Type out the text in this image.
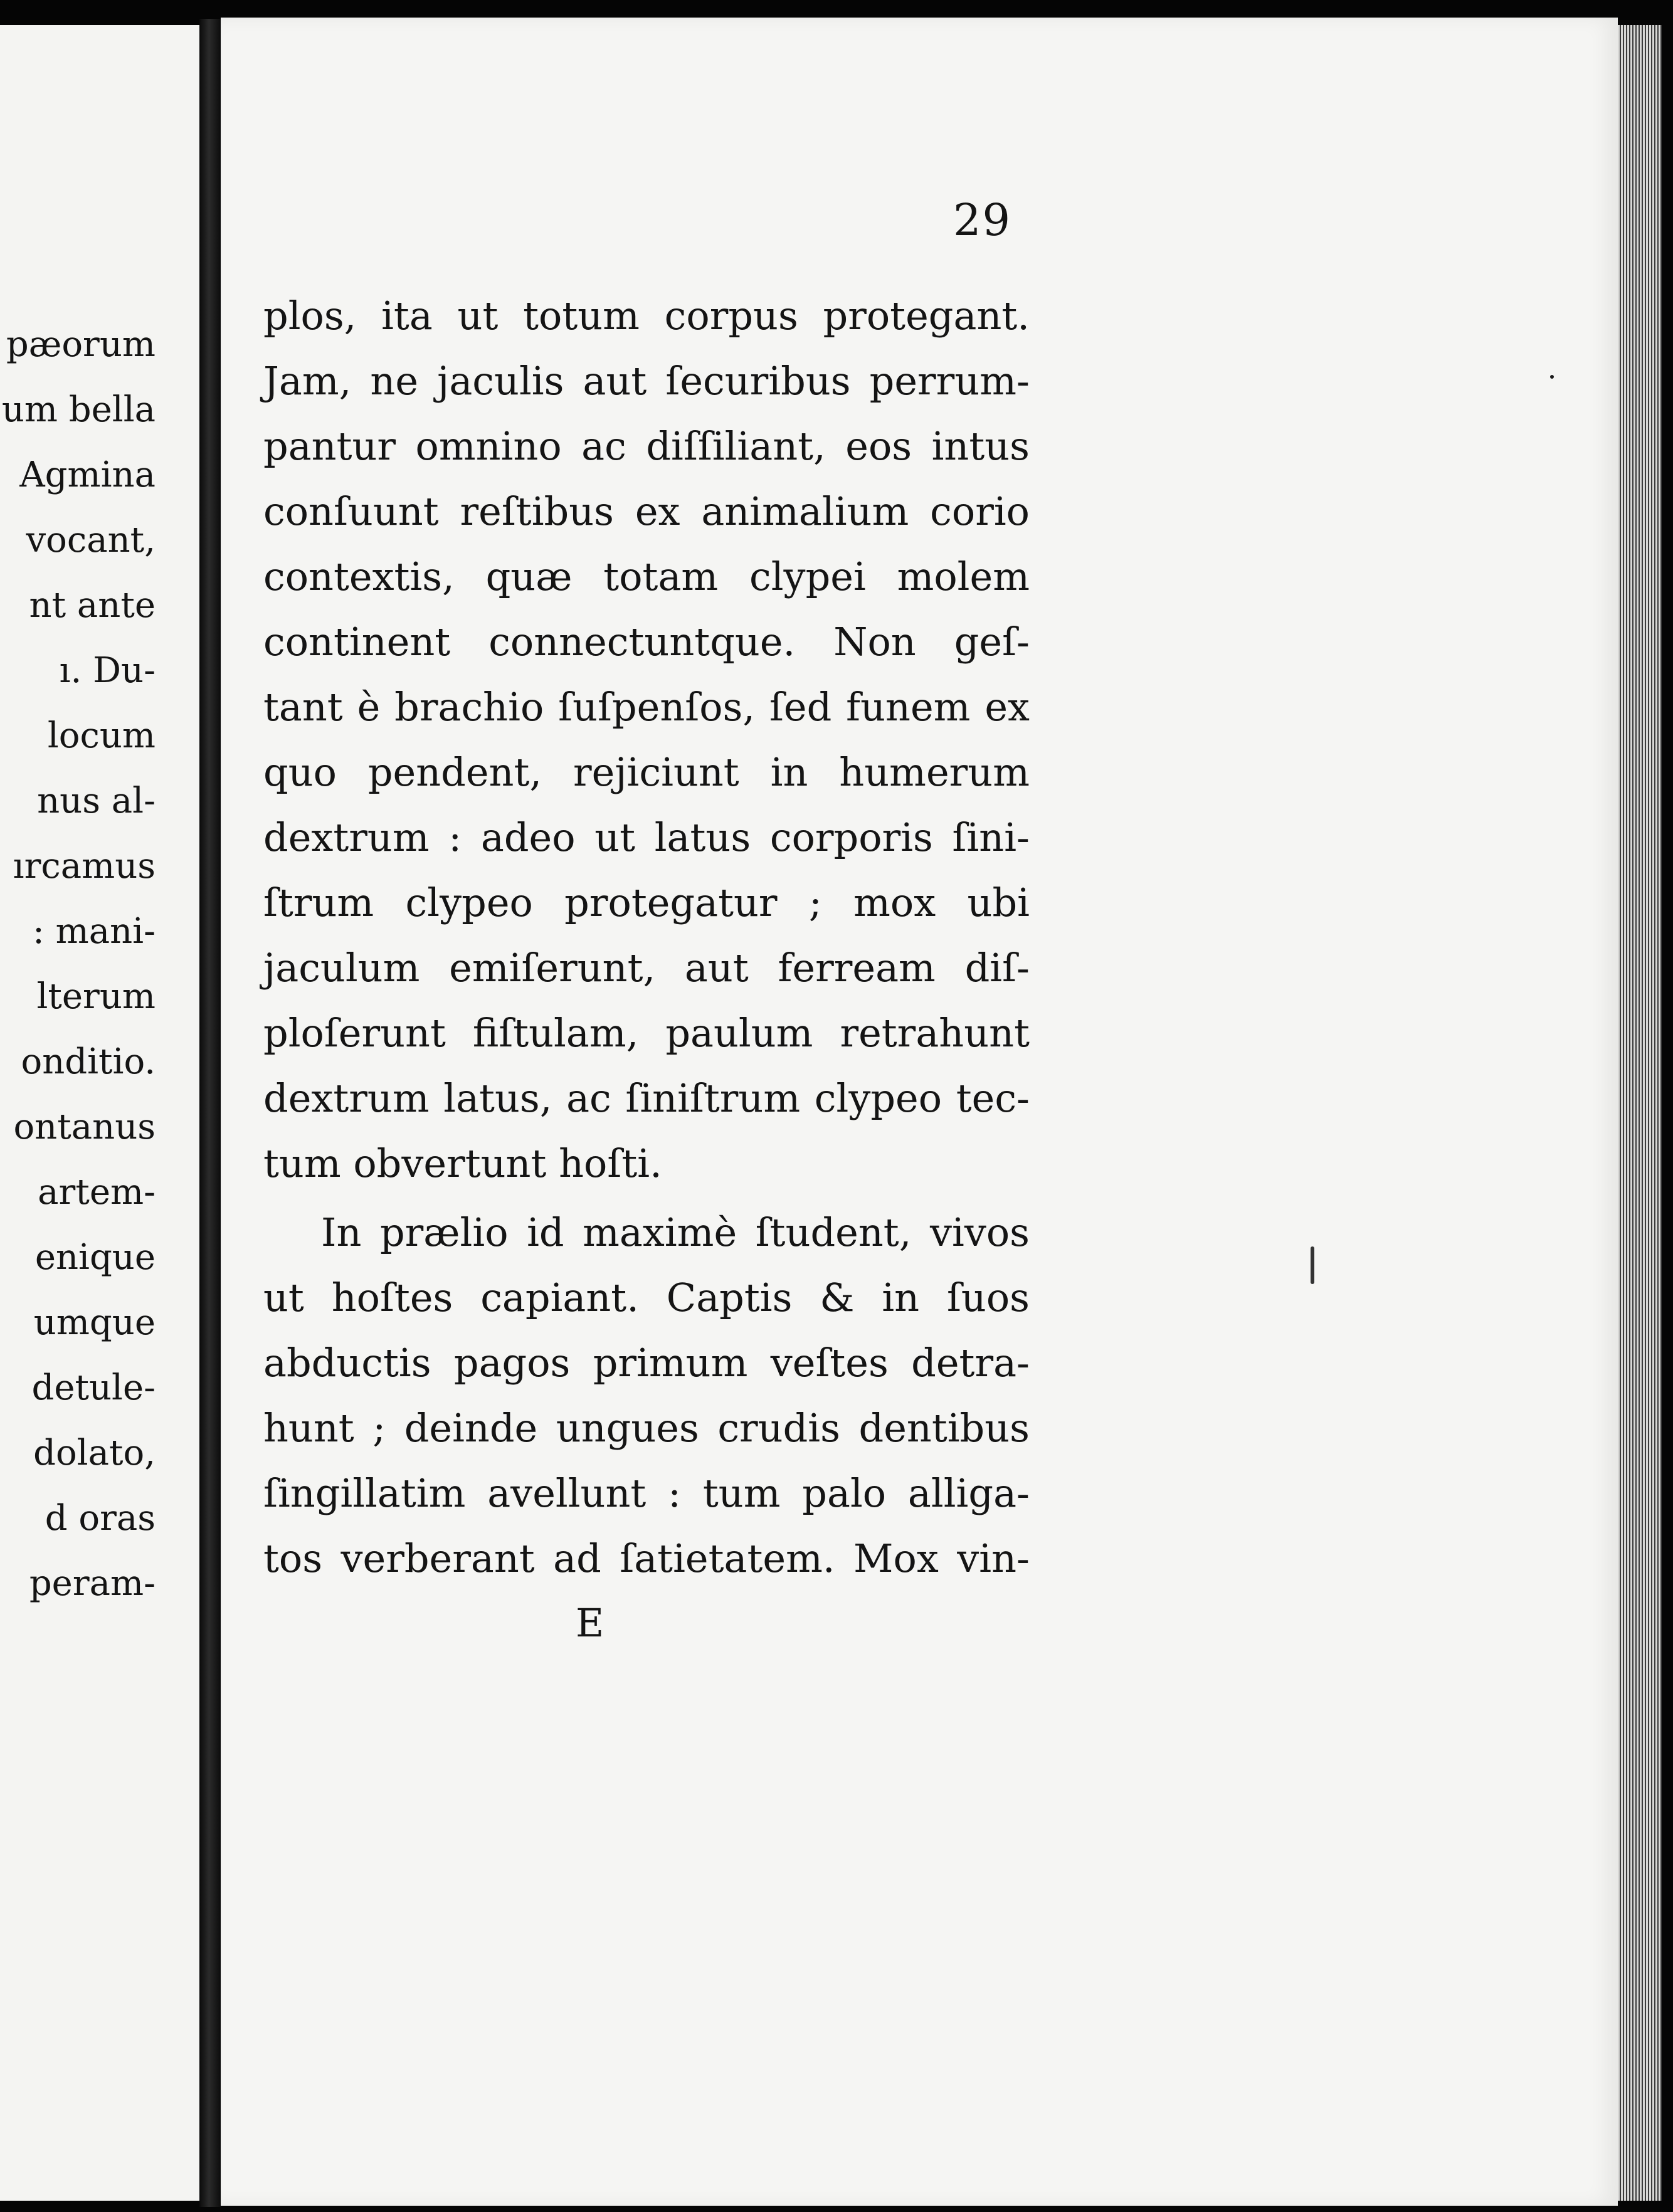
pæorum
um bella
Agmina
vocant,
nt ante
ı. Du-
locum
nus al-
ırcamus
: mani-
lterum
onditio.
ontanus
artem-
enique
umque
detule-
dolato,
d oras
peram-
29
plos, ita ut totum corpus protegant.
Jam, ne jaculis aut ſecuribus perrum-
pantur omnino ac diſſiliant, eos intus
conſuunt reſtibus ex animalium corio
contextis, quæ totam clypei molem
continent connectuntque. Non geſ-
tant è brachio ſuſpenſos, ſed funem ex
quo pendent, rejiciunt in humerum
dextrum : adeo ut latus corporis ſini-
ſtrum clypeo protegatur ; mox ubi
jaculum emiſerunt, aut ferream diſ-
ploſerunt fiſtulam, paulum retrahunt
dextrum latus, ac ſiniſtrum clypeo tec-
tum obvertunt hoſti.
In prælio id maximè ſtudent, vivos
ut hoſtes capiant. Captis & in ſuos
abductis pagos primum veſtes detra-
hunt ; deinde ungues crudis dentibus
ſingillatim avellunt : tum palo alliga-
tos verberant ad ſatietatem. Mox vin-
E
